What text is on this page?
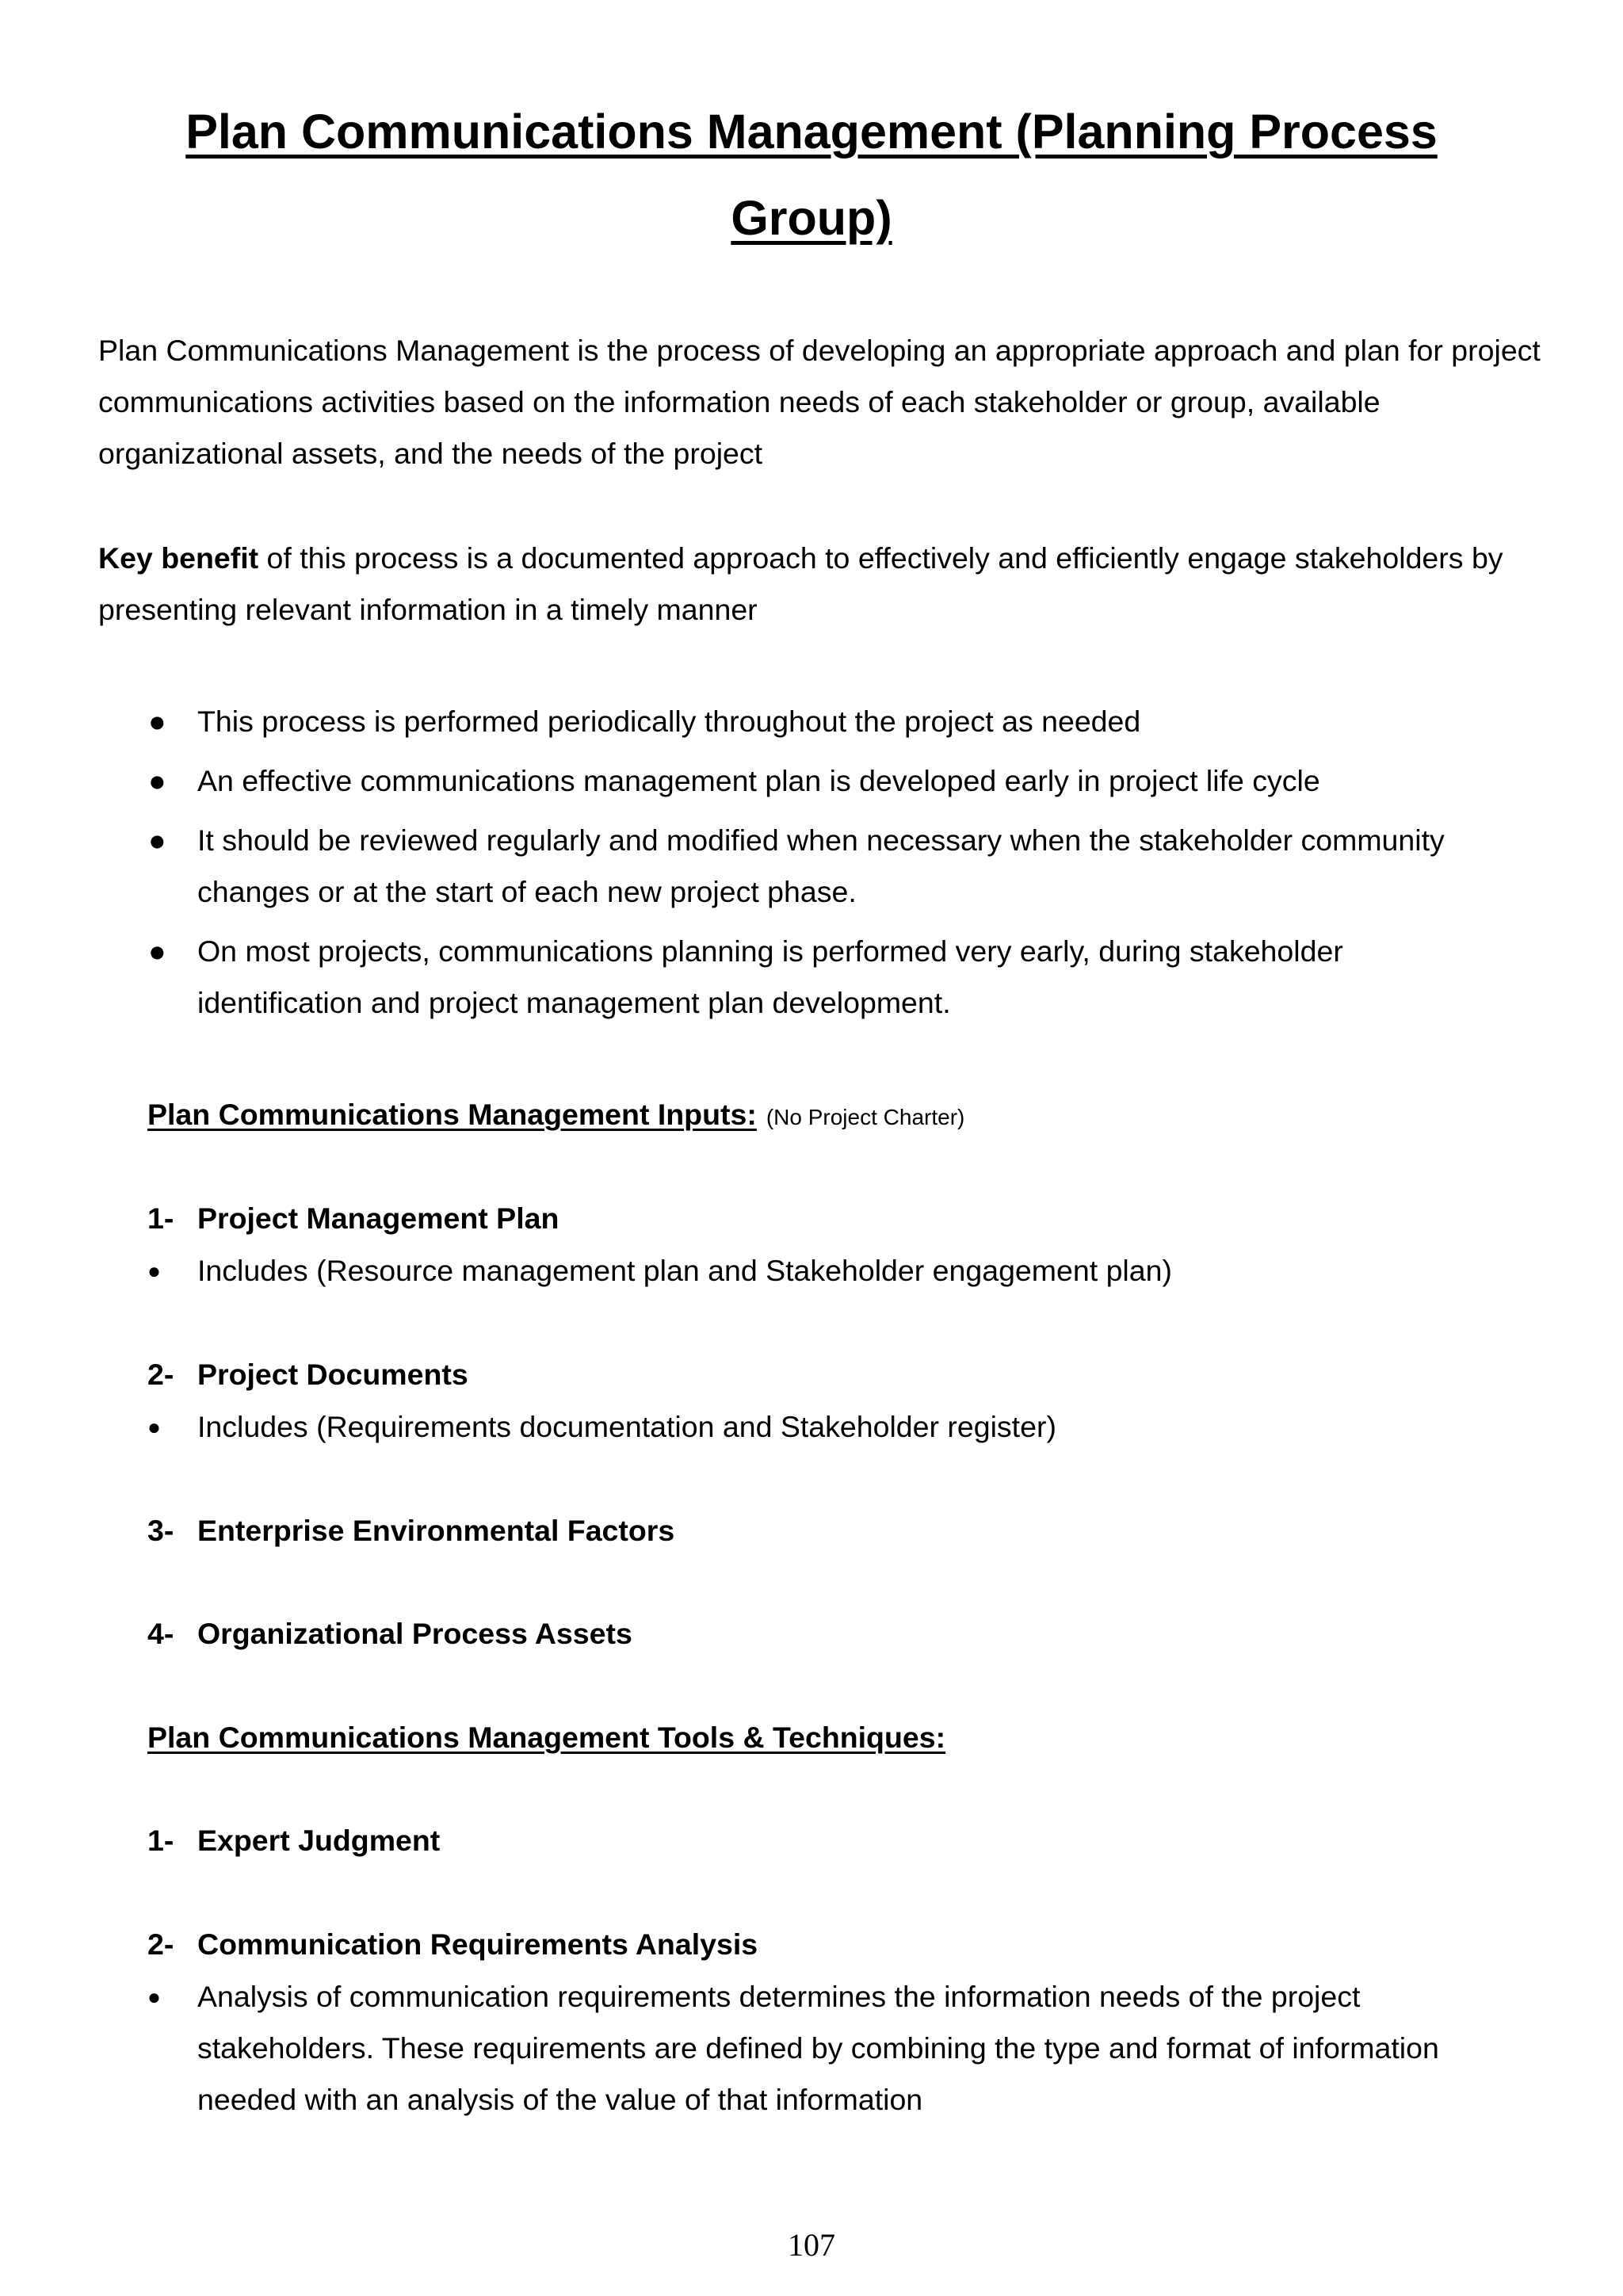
Plan Communications Management (Planning Process Group)

Plan Communications Management is the process of developing an appropriate approach and plan for project communications activities based on the information needs of each stakeholder or group, available organizational assets, and the needs of the project

Key benefit of this process is a documented approach to effectively and efficiently engage stakeholders by presenting relevant information in a timely manner

● This process is performed periodically throughout the project as needed
● An effective communications management plan is developed early in project life cycle
● It should be reviewed regularly and modified when necessary when the stakeholder community changes or at the start of each new project phase.
● On most projects, communications planning is performed very early, during stakeholder identification and project management plan development.
Plan Communications Management Inputs: (No Project Charter)
1- Project Management Plan
● Includes (Resource management plan and Stakeholder engagement plan)
2- Project Documents
● Includes (Requirements documentation and Stakeholder register)
3- Enterprise Environmental Factors
4- Organizational Process Assets
Plan Communications Management Tools & Techniques:
1- Expert Judgment
2- Communication Requirements Analysis
● Analysis of communication requirements determines the information needs of the project stakeholders. These requirements are defined by combining the type and format of information needed with an analysis of the value of that information
107
